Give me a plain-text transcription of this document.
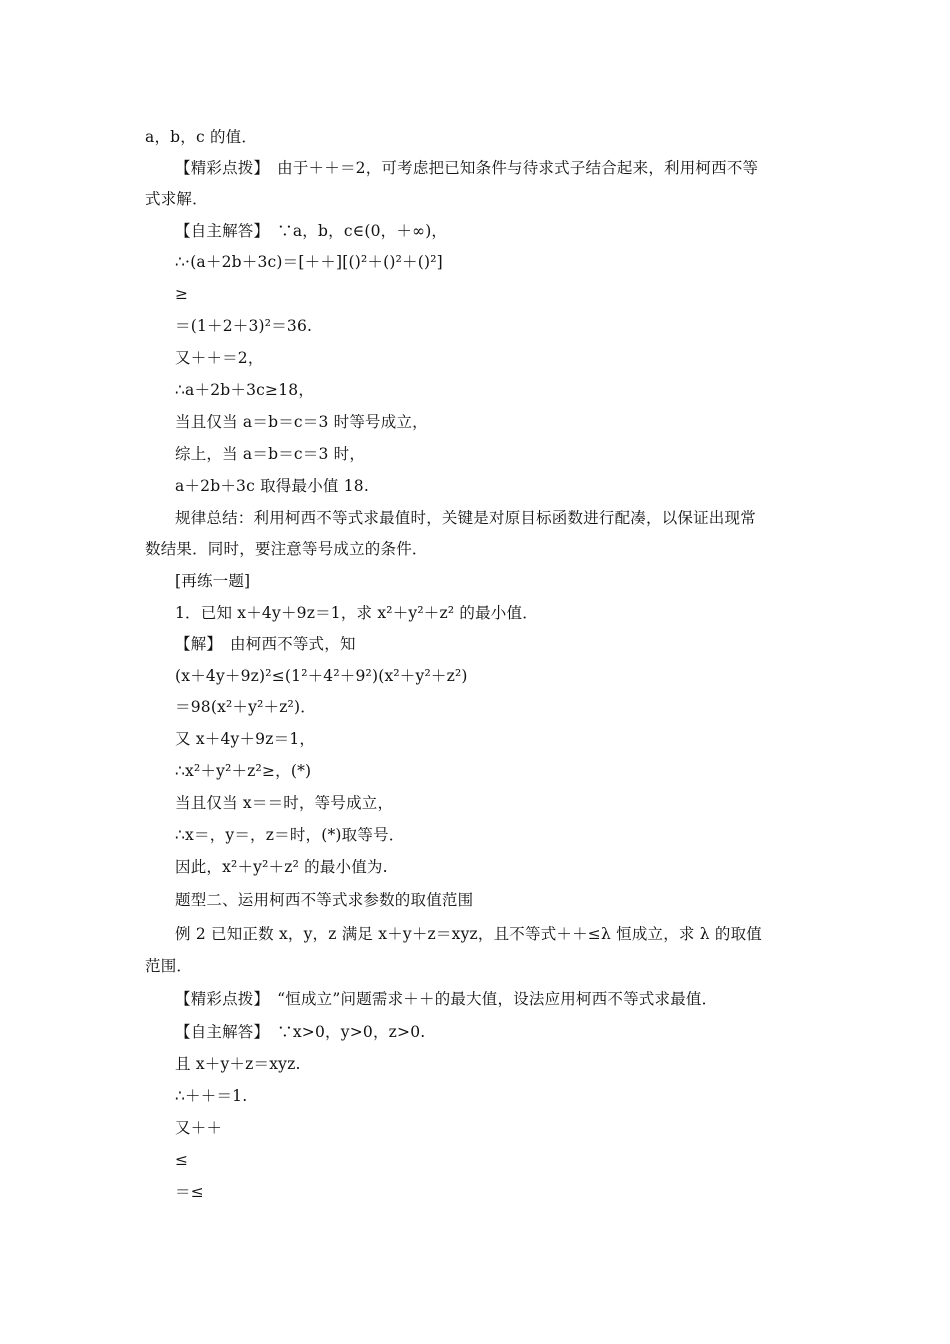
a，b，c 的值．
【精彩点拨】　由于＋＋＝2，可考虑把已知条件与待求式子结合起来，利用柯西不等
式求解．
【自主解答】　∵a，b，c∈(0，＋∞)，
∴·(a＋2b＋3c)＝[＋＋][()²＋()²＋()²]
≥
＝(1＋2＋3)²＝36.
又＋＋＝2，
∴a＋2b＋3c≥18，
当且仅当 a＝b＝c＝3 时等号成立，
综上，当 a＝b＝c＝3 时，
a＋2b＋3c 取得最小值 18.
规律总结：利用柯西不等式求最值时，关键是对原目标函数进行配凑，以保证出现常
数结果．同时，要注意等号成立的条件．
[再练一题]
1．已知 x＋4y＋9z＝1，求 x²＋y²＋z² 的最小值．
【解】　由柯西不等式，知
(x＋4y＋9z)²≤(1²＋4²＋9²)(x²＋y²＋z²)
＝98(x²＋y²＋z²)．
又 x＋4y＋9z＝1，
∴x²＋y²＋z²≥，(*)
当且仅当 x＝＝时，等号成立，
∴x＝，y＝，z＝时，(*)取等号．
因此，x²＋y²＋z² 的最小值为.
题型二、运用柯西不等式求参数的取值范围
例 2 已知正数 x，y，z 满足 x＋y＋z＝xyz，且不等式＋＋≤λ 恒成立，求 λ 的取值
范围．
【精彩点拨】　“恒成立”问题需求＋＋的最大值，设法应用柯西不等式求最值．
【自主解答】　∵x>0，y>0，z>0.
且 x＋y＋z＝xyz.
∴＋＋＝1.
又＋＋
≤
＝≤
